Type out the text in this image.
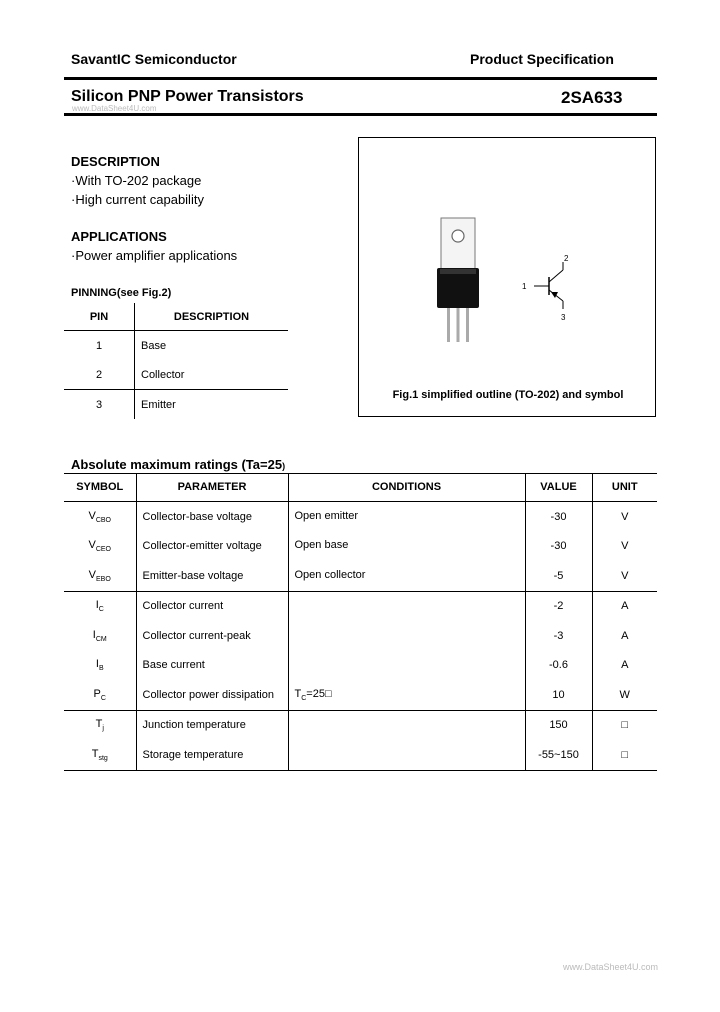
SavantIC Semiconductor	Product Specification
Silicon PNP Power Transistors	2SA633
www.DataSheet4U.com
DESCRIPTION
·With TO-202 package
·High current capability
APPLICATIONS
·Power amplifier applications
PINNING(see Fig.2)
PIN	DESCRIPTION
1	Base
2	Collector
3	Emitter
1
2
3
Fig.1 simplified outline (TO-202) and symbol
Absolute maximum ratings (Ta=25)
SYMBOL	PARAMETER	CONDITIONS	VALUE	UNIT
$V_{CBO}$	Collector-base voltage	Open emitter	-30	V
$V_{CEO}$	Collector-emitter voltage	Open base	-30	V
$V_{EBO}$	Emitter-base voltage	Open collector	-5	V
$I_C$	Collector current		-2	A
$I_{CM}$	Collector current-peak		-3	A
$I_B$	Base current		-0.6	A
$P_C$	Collector power dissipation	$T_C=25□$	10	W
$T_j$	Junction temperature		150	□
$T_{stg}$	Storage temperature		-55~150	□
www.DataSheet4U.com
